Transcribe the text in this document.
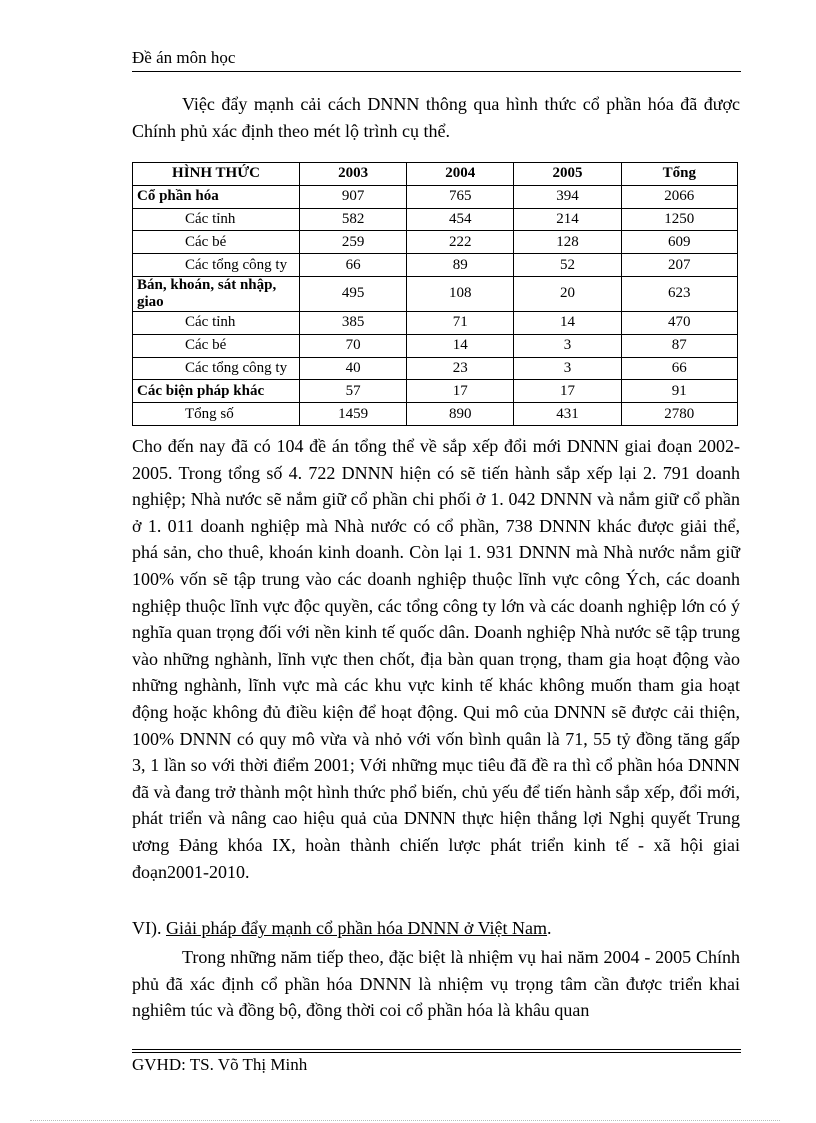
Đề án môn học
Việc đẩy mạnh cải cách DNNN thông qua hình thức cổ phần hóa đã được Chính phủ xác định theo mét lộ trình cụ thể.
HÌNH THỨC	2003	2004	2005	Tổng
Cổ phần hóa	907	765	394	2066
Các tỉnh	582	454	214	1250
Các bé	259	222	128	609
Các tổng công ty	66	89	52	207
Bán, khoán, sát nhập, giao	495	108	20	623
Các tỉnh	385	71	14	470
Các bé	70	14	3	87
Các tổng công ty	40	23	3	66
Các biện pháp khác	57	17	17	91
Tổng số	1459	890	431	2780
Cho đến nay đã có 104 đề án tổng thể về sắp xếp đổi mới DNNN giai đoạn 2002-2005. Trong tổng số 4. 722 DNNN hiện có sẽ tiến hành sắp xếp lại 2. 791 doanh nghiệp; Nhà nước sẽ nắm giữ cổ phần chi phối ở 1. 042 DNNN và nắm giữ cổ phần ở 1. 011 doanh nghiệp mà Nhà nước có cổ phần, 738 DNNN khác được giải thể, phá sản, cho thuê, khoán kinh doanh. Còn lại 1. 931 DNNN mà Nhà nước nắm giữ 100% vốn sẽ tập trung vào các doanh nghiệp thuộc lĩnh vực công Ých, các doanh nghiệp thuộc lĩnh vực độc quyền, các tổng công ty lớn và các doanh nghiệp lớn có ý nghĩa quan trọng đối với nền kinh tế quốc dân. Doanh nghiệp Nhà nước sẽ tập trung vào những nghành, lĩnh vực then chốt, địa bàn quan trọng, tham gia hoạt động vào những nghành, lĩnh vực mà các khu vực kinh tế khác không muốn tham gia hoạt động hoặc không đủ điều kiện để hoạt động. Qui mô của DNNN sẽ được cải thiện, 100% DNNN có quy mô vừa và nhỏ với vốn bình quân là 71, 55 tỷ đồng tăng gấp 3, 1 lần so với thời điểm 2001; Với những mục tiêu đã đề ra thì cổ phần hóa DNNN đã và đang trở thành một hình thức phổ biến, chủ yếu để tiến hành sắp xếp, đổi mới, phát triển và nâng cao hiệu quả của DNNN thực hiện thắng lợi Nghị quyết Trung ương Đảng khóa IX, hoàn thành chiến lược phát triển kinh tế - xã hội giai đoạn2001-2010.
VI). Giải pháp đẩy mạnh cổ phần hóa DNNN ở Việt Nam.
Trong những năm tiếp theo, đặc biệt là nhiệm vụ hai năm 2004 - 2005 Chính phủ đã xác định cổ phần hóa DNNN là nhiệm vụ trọng tâm cần được triển khai nghiêm túc và đồng bộ, đồng thời coi cổ phần hóa là khâu quan
GVHD: TS. Võ Thị Minh
